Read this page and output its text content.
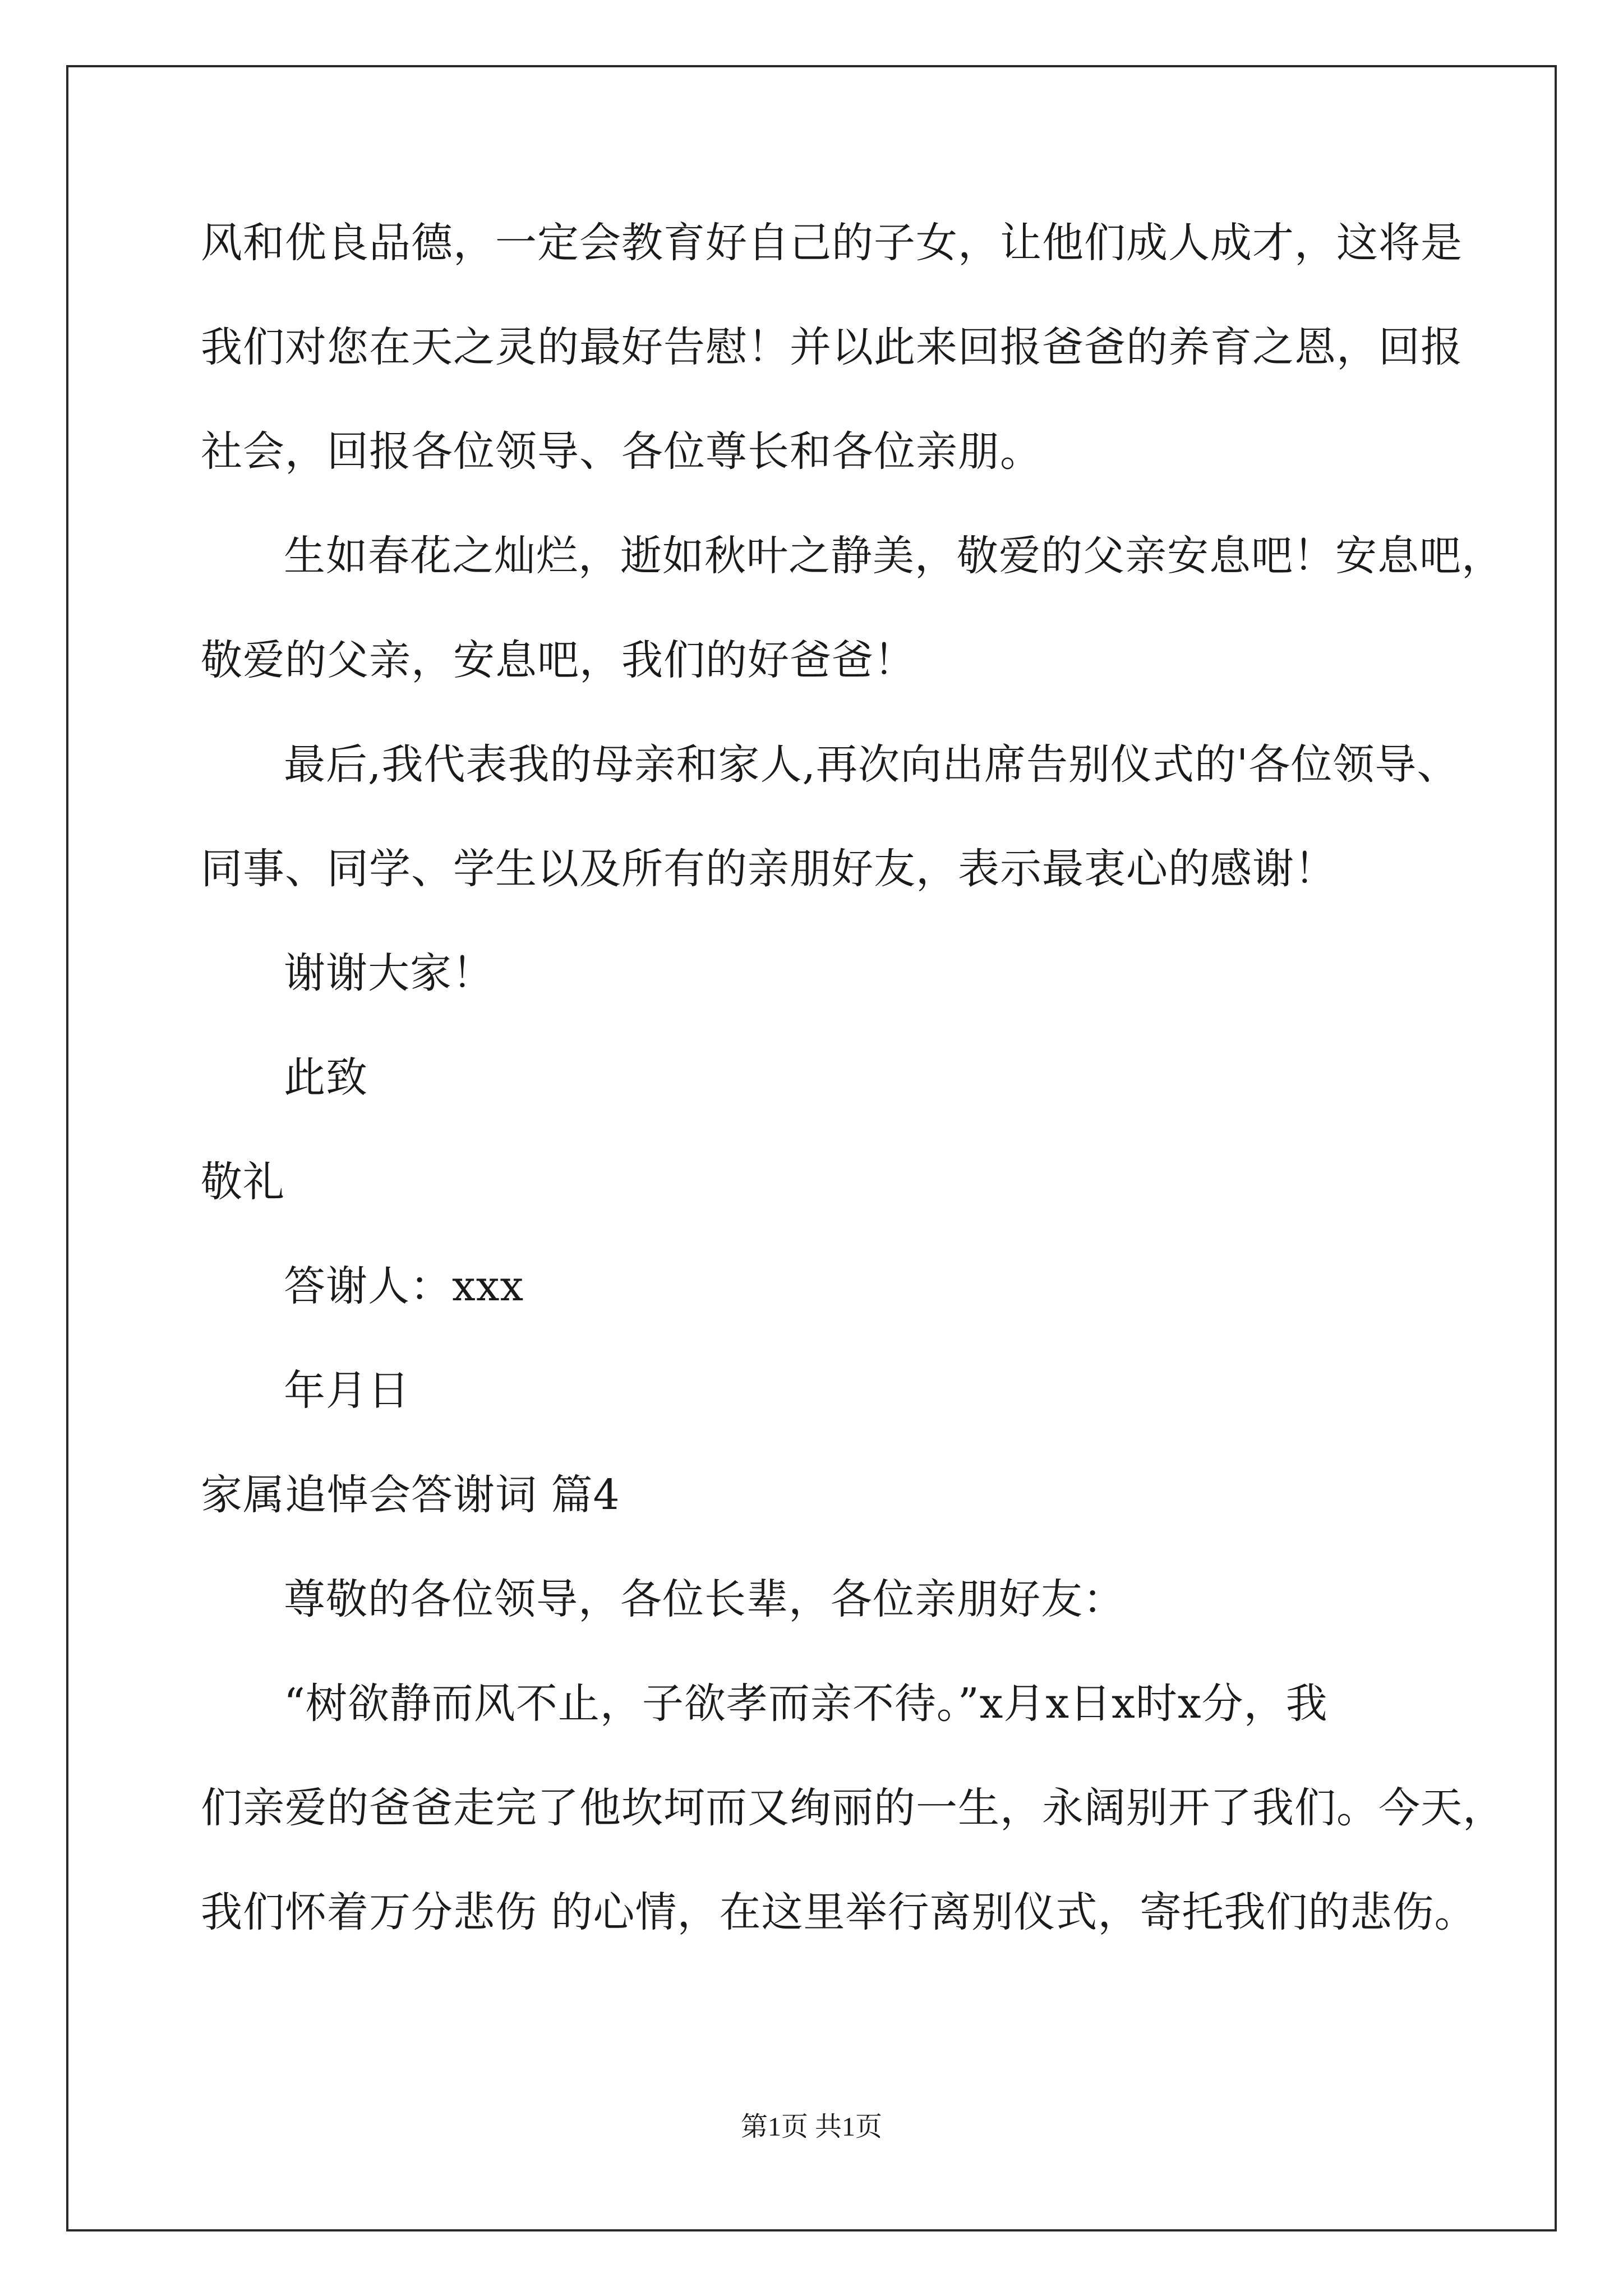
风和优良品德，一定会教育好自己的子女，让他们成人成才，这将是
我们对您在天之灵的最好告慰！并以此来回报爸爸的养育之恩，回报
社会，回报各位领导、各位尊长和各位亲朋。
生如春花之灿烂，逝如秋叶之静美，敬爱的父亲安息吧！安息吧，
敬爱的父亲，安息吧，我们的好爸爸！
最后,我代表我的母亲和家人,再次向出席告别仪式的'各位领导、
同事、同学、学生以及所有的亲朋好友，表示最衷心的感谢！
谢谢大家！
此致
敬礼
答谢人：xxx
年月日
家属追悼会答谢词 篇4
尊敬的各位领导，各位长辈，各位亲朋好友：
“树欲静而风不止，子欲孝而亲不待。”x月x日x时x分，我
们亲爱的爸爸走完了他坎坷而又绚丽的一生，永阔别开了我们。今天，
我们怀着万分悲伤 的心情，在这里举行离别仪式，寄托我们的悲伤。
第1页 共1页
